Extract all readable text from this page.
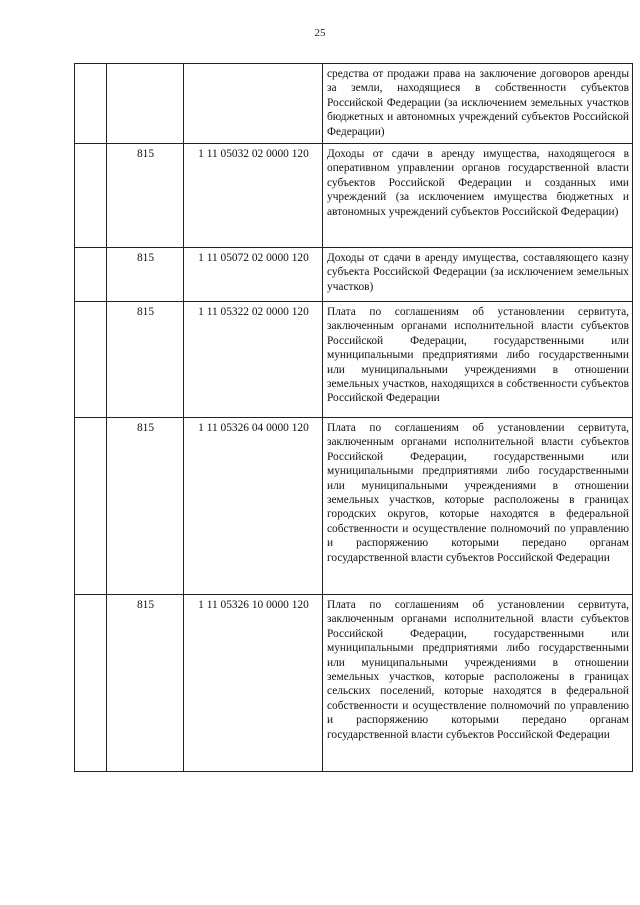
25
			средства от продажи права на заключение договоров аренды за земли, находящиеся в собственности субъектов Российской Федерации (за исключением земельных участков бюджетных и автономных учреждений субъектов Российской Федерации)
	815	1 11 05032 02 0000 120	Доходы от сдачи в аренду имущества, находящегося в оперативном управлении органов государственной власти субъектов Российской Федерации и созданных ими учреждений (за исключением имущества бюджетных и автономных учреждений субъектов Российской Федерации)
	815	1 11 05072 02 0000 120	Доходы от сдачи в аренду имущества, составляющего казну субъекта Российской Федерации (за исключением земельных участков)
	815	1 11 05322 02 0000 120	Плата по соглашениям об установлении сервитута, заключенным органами исполнительной власти субъектов Российской Федерации, государственными или муниципальными предприятиями либо государственными или муниципальными учреждениями в отношении земельных участков, находящихся в собственности субъектов Российской Федерации
	815	1 11 05326 04 0000 120	Плата по соглашениям об установлении сервитута, заключенным органами исполнительной власти субъектов Российской Федерации, государственными или муниципальными предприятиями либо государственными или муниципальными учреждениями в отношении земельных участков, которые расположены в границах городских округов, которые находятся в федеральной собственности и осуществление полномочий по управлению и распоряжению которыми передано органам государственной власти субъектов Российской Федерации
	815	1 11 05326 10 0000 120	Плата по соглашениям об установлении сервитута, заключенным органами исполнительной власти субъектов Российской Федерации, государственными или муниципальными предприятиями либо государственными или муниципальными учреждениями в отношении земельных участков, которые расположены в границах сельских поселений, которые находятся в федеральной собственности и осуществление полномочий по управлению и распоряжению которыми передано органам государственной власти субъектов Российской Федерации
